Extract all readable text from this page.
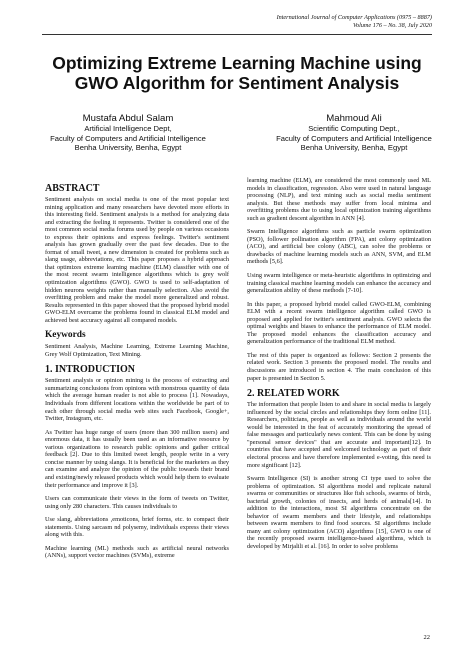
International Journal of Computer Applications (0975 – 8887)
Volume 176 – No. 38, July 2020
Optimizing Extreme Learning Machine using GWO Algorithm for Sentiment Analysis
Mustafa Abdul Salam
Artificial Intelligence Dept,
Faculty of Computers and Artificial Intelligence
Benha University, Benha, Egypt
Mahmoud Ali
Scientific Computing Dept.,
Faculty of Computers and Artificial Intelligence
Benha University, Benha, Egypt
ABSTRACT

Sentiment analysis on social media is one of the most popular text mining application and many researchers have devoted more efforts in this interesting field. Sentiment analysis is a method for analyzing data and extracting the feeling it represents. Twitter is considered one of the most common social media forums used by people on various occasions to express their opinions and express feelings. Twitter's sentiment analysis has grown gradually over the past few decades. Due to the format of small tweet, a new dimension is created for problems such as slang usage, abbreviations, etc. This paper proposes a hybrid approach that optimizes extreme learning machine (ELM) classifier with one of the most recent swarm intelligence algorithms which is grey wolf optimization algorithms (GWO). GWO is used to self-adaptation of hidden neurons weights rather than manually selection. Also avoid the overfitting problem and make the model more generalized and robust. Results represented in this paper showed that the proposed hybrid model GWO-ELM overcame the problems found in classical ELM model and achieved best accuracy against all compared models.

Keywords

Sentiment Analysis, Machine Learning, Extreme Learning Machine, Grey Wolf Optimization, Text Mining.

1. INTRODUCTION

Sentiment analysis or opinion mining is the process of extracting and summarizing conclusions from opinions with monstrous quantity of data which the average human reader is not able to process [1]. Nowadays, Individuals from different locations within the worldwide be part of to each other through social media web sites such Facebook, Google+, Twitter, Instagram, etc.

As Twitter has huge range of users (more than 300 million users) and enormous data, it has usually been used as an informative resource by various organizations to research public opinions and gather critical feedback [2]. Due to this limited tweet length, people write in a very concise manner by using slangs. It is beneficial for the marketers as they can examine and analyze the opinion of the public towards their brand and existing/newly released products which would help them to evaluate their performance and improve it [3].

Users can communicate their views in the form of tweets on Twitter, using only 280 characters. This causes individuals to

Use slang, abbreviations ,emoticons, brief forms, etc. to compact their statements. Using sarcasm nd polysemy, individuals express their views along with this.

Machine learning (ML) methods such as artificial neural networks (ANNs), support vector machines (SVMs), extreme

learning machine (ELM), are considered the most commonly used ML models in classification, regression. Also were used in natural language processing (NLP), and text mining such as social media sentiment analysis. But these methods may suffer from local minima and overfitting problems due to using local optimization training algorithms such as gradient descent algorithm in ANN [4].

Swarm Intelligence algorithms such as particle swarm optimization (PSO), follower pollination algorithm (FPA), ant colony optimization (ACO), and artificial bee colony (ABC), can solve the problems or drawbacks of machine learning models such as ANN, SVM, and ELM methods [5,6].

Using swarm intelligence or meta-heuristic algorithms in optimizing and training classical machine learning models can enhance the accuracy and generalization ability of these methods [7-10].

In this paper, a proposed hybrid model called GWO-ELM, combining ELM with a recent swarm intelligence algorithm called GWO is proposed and applied for twitter's sentiment analysis. GWO selects the optimal weights and biases to enhance the performance of ELM model. The proposed model enhances the classification accuracy and generalization performance of the traditional ELM method.

The rest of this paper is organized as follows: Section 2 presents the related work. Section 3 presents the proposed model. The results and discussions are introduced in section 4. The main conclusion of this paper is presented in Section 5.

2. RELATED WORK

The information that people listen to and share in social media is largely influenced by the social circles and relationships they form online [11]. Researchers, politicians, people as well as individuals around the world would be interested in the feat of accurately monitoring the spread of false messages and particularly news content. This can be done by using "personal sensor devices" that are accurate and important[12]. In countries that have accepted and welcomed technology as part of their electoral process and have therefore implemented e-voting, this need is more significant [12].

Swarm Intelligence (SI) is another strong CI type used to solve the problems of optimization. SI algorithms model and replicate natural swarms or communities or structures like fish schools, swarms of birds, bacterial growth, colonies of insects, and herds of animals[14]. In addition to the interactions, most SI algorithms concentrate on the behavior of swarm members and their lifestyle, and relationships between swarm members to find food sources. SI algorithms include many ant colony optimization (ACO) algorithms [15], GWO is one of the recently proposed swarm intelligence-based algorithms, which is developed by Mirjalili et al. [16]. In order to solve problems

22
